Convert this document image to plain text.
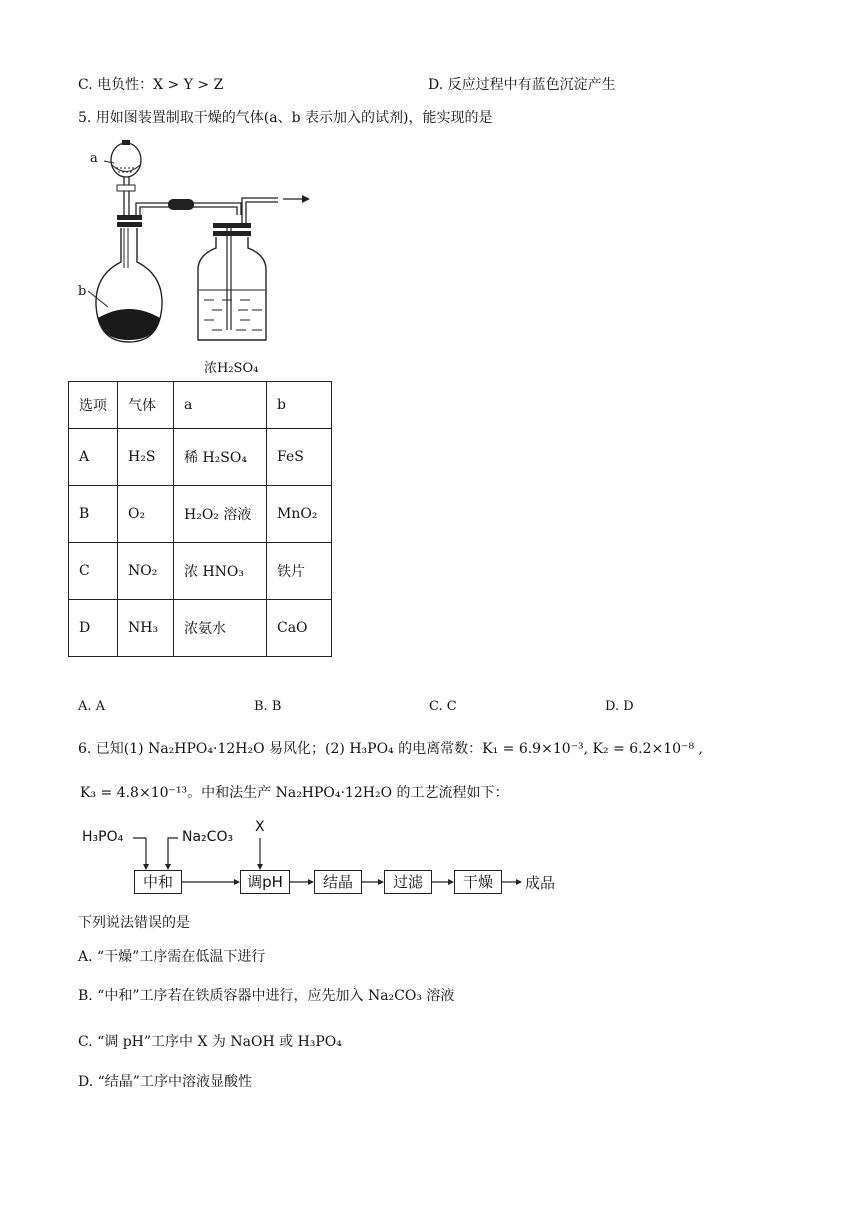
C. 电负性：X > Y > Z	D. 反应过程中有蓝色沉淀产生
5. 用如图装置制取干燥的气体(a、b 表示加入的试剂)，能实现的是
a
b
浓H₂SO₄
选项	气体	a	b
A	H₂S	稀 H₂SO₄	FeS
B	O₂	H₂O₂ 溶液	MnO₂
C	NO₂	浓 HNO₃	铁片
D	NH₃	浓氨水	CaO
A. A	B. B	C. C	D. D
6. 已知(1) Na₂HPO₄·12H₂O 易风化；(2) H₃PO₄ 的电离常数：K₁ = 6.9×10⁻³, K₂ = 6.2×10⁻⁸ ,
K₃ = 4.8×10⁻¹³。中和法生产 Na₂HPO₄·12H₂O 的工艺流程如下：
H₃PO₄	Na₂CO₃
X
中和	调pH	结晶	过滤	干燥	成品
下列说法错误的是
A. “干燥”工序需在低温下进行
B. “中和”工序若在铁质容器中进行，应先加入 Na₂CO₃ 溶液
C. “调 pH”工序中 X 为 NaOH 或 H₃PO₄
D. “结晶”工序中溶液显酸性
